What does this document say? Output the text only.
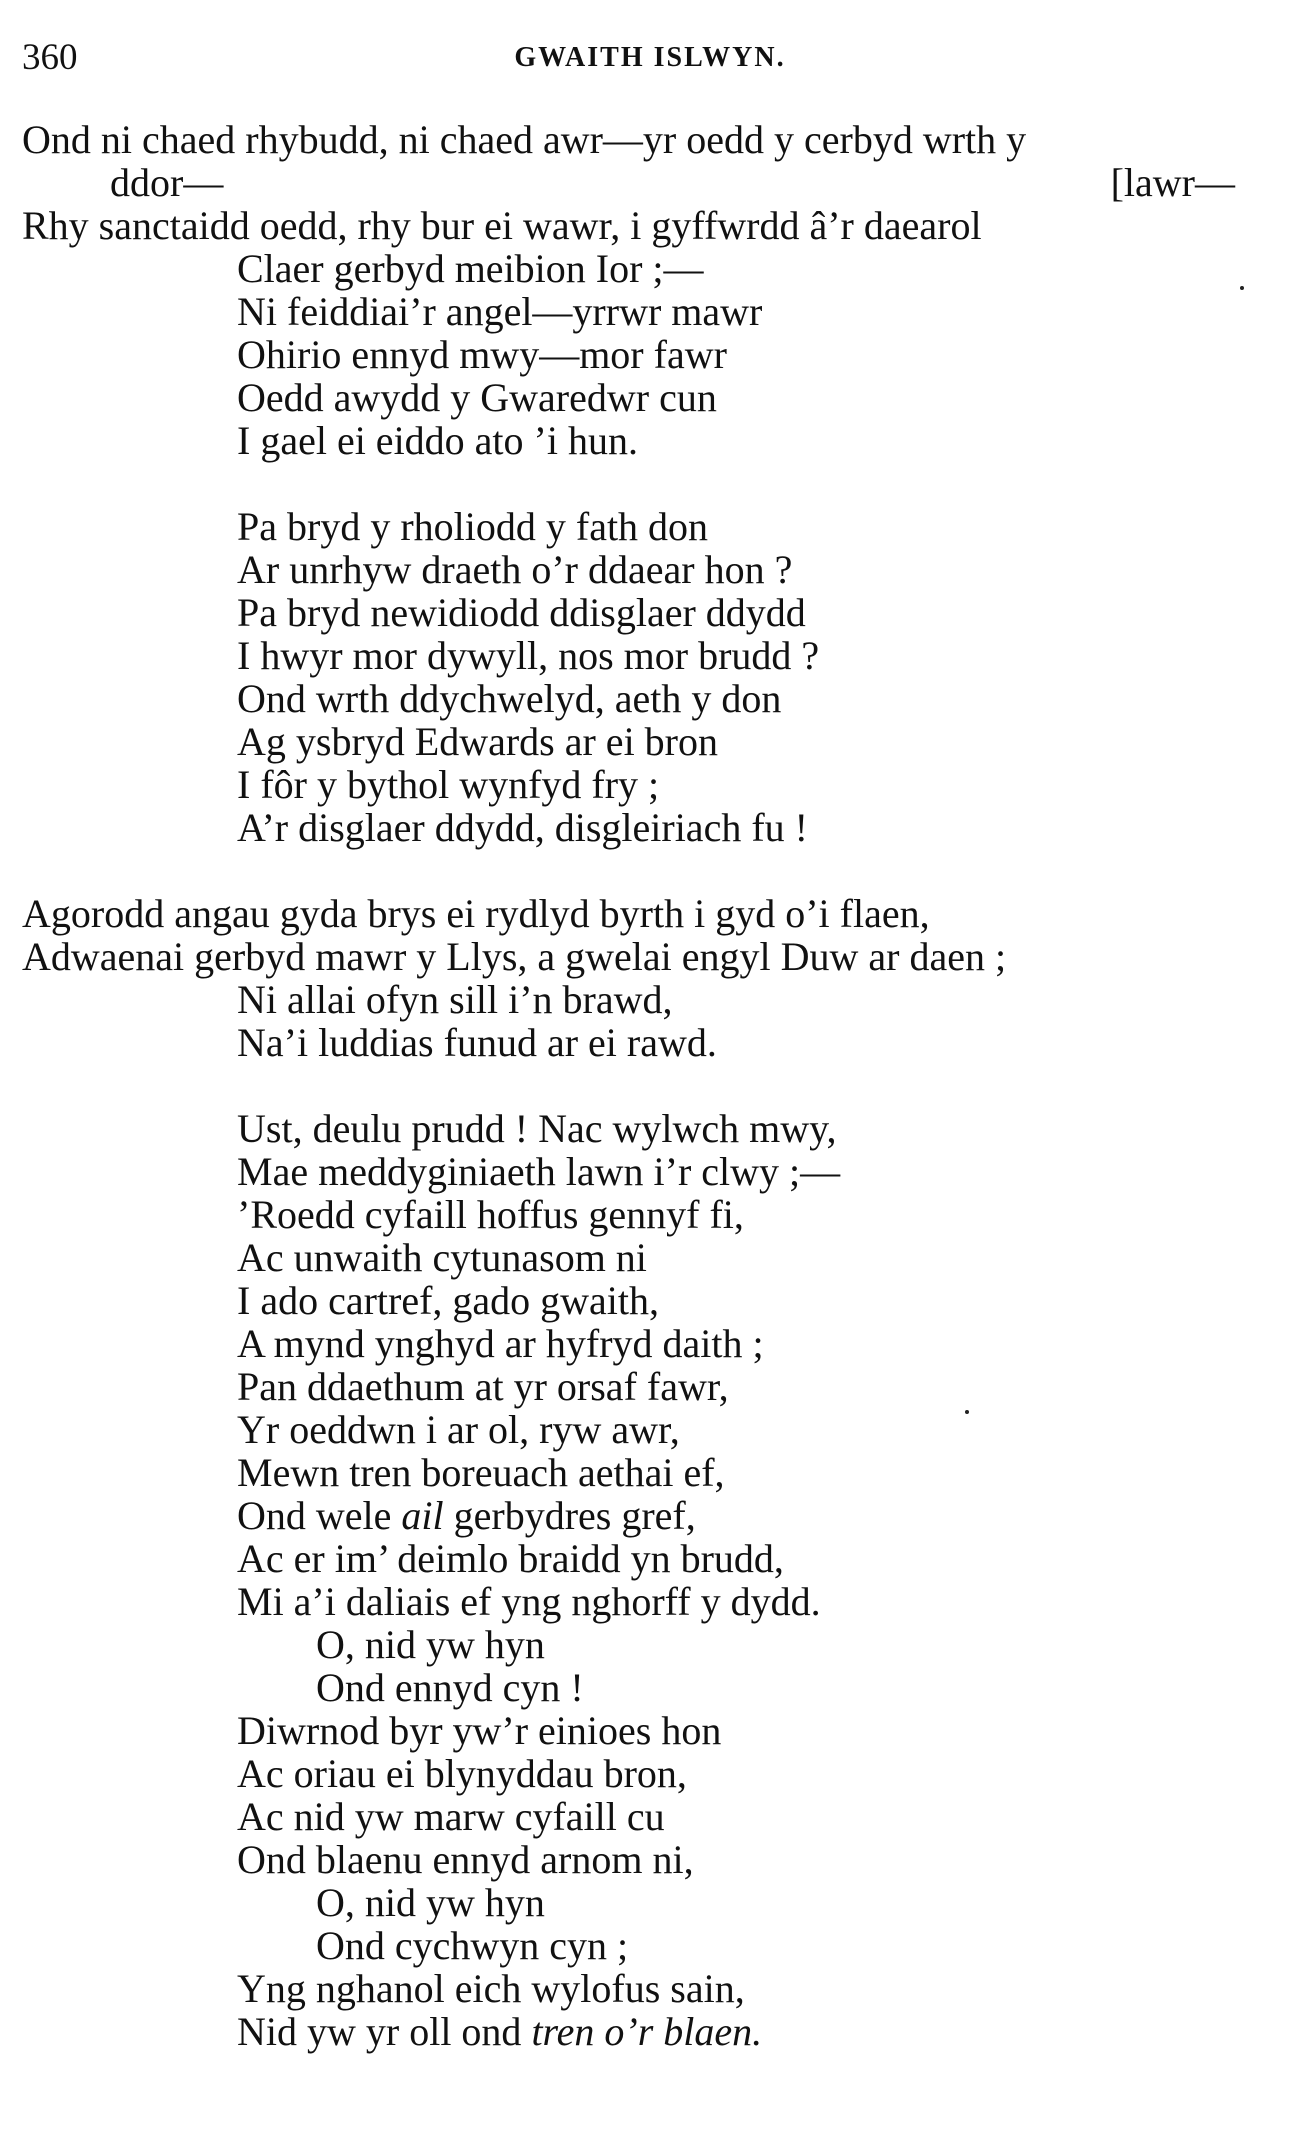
360	GWAITH ISLWYN.
Ond ni chaed rhybudd, ni chaed awr—yr oedd y cerbyd wrth y
ddor—	[lawr—
Rhy sanctaidd oedd, rhy bur ei wawr, i gyffwrdd â’r daearol
Claer gerbyd meibion Ior ;—
Ni feiddiai’r angel—yrrwr mawr
Ohirio ennyd mwy—mor fawr
Oedd awydd y Gwaredwr cun
I gael ei eiddo ato ’i hun.
Pa bryd y rholiodd y fath don
Ar unrhyw draeth o’r ddaear hon ?
Pa bryd newidiodd ddisglaer ddydd
I hwyr mor dywyll, nos mor brudd ?
Ond wrth ddychwelyd, aeth y don
Ag ysbryd Edwards ar ei bron
I fôr y bythol wynfyd fry ;
A’r disglaer ddydd, disgleiriach fu !
Agorodd angau gyda brys ei rydlyd byrth i gyd o’i flaen,
Adwaenai gerbyd mawr y Llys, a gwelai engyl Duw ar daen ;
Ni allai ofyn sill i’n brawd,
Na’i luddias funud ar ei rawd.
Ust, deulu prudd ! Nac wylwch mwy,
Mae meddyginiaeth lawn i’r clwy ;—
’Roedd cyfaill hoffus gennyf fi,
Ac unwaith cytunasom ni
I ado cartref, gado gwaith,
A mynd ynghyd ar hyfryd daith ;
Pan ddaethum at yr orsaf fawr,
Yr oeddwn i ar ol, ryw awr,
Mewn tren boreuach aethai ef,
Ond wele ail gerbydres gref,
Ac er im’ deimlo braidd yn brudd,
Mi a’i daliais ef yng nghorff y dydd.
O, nid yw hyn
Ond ennyd cyn !
Diwrnod byr yw’r einioes hon
Ac oriau ei blynyddau bron,
Ac nid yw marw cyfaill cu
Ond blaenu ennyd arnom ni,
O, nid yw hyn
Ond cychwyn cyn ;
Yng nghanol eich wylofus sain,
Nid yw yr oll ond tren o’r blaen.
